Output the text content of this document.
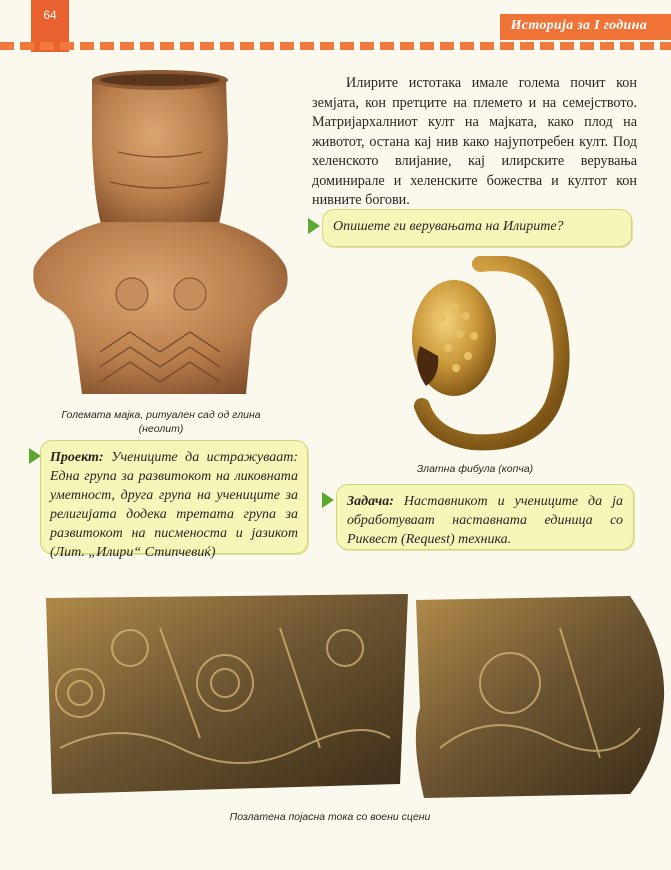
64
Историја за I година
Големата мајка, ритуален сад од глина (неолит)

Илирите истотака имале голема почит кон земјата, кон претците на племето и на семејството. Матријархалниот култ на мајката, како плод на животот, останa кај нив како најупотребен култ. Под хеленското влијание, кај илирските верувања доминирале и хеленските божества и култот кон нивните богови.

Опишете ги верувањата на Илирите?
Златна фибула (копча)
Проект: Учениците да истражуваат: Една група за развитокот на ликовната уметност, друга група на учениците за религијата додека третата група за развитокот на писменоста и јазикот (Лит. „Илири“ Стипчевиќ)
Задача: Наставникот и учениците да ја обработуваат наставната единица со Риквест (Request) техника.
Позлатена појасна тока со воени сцени
